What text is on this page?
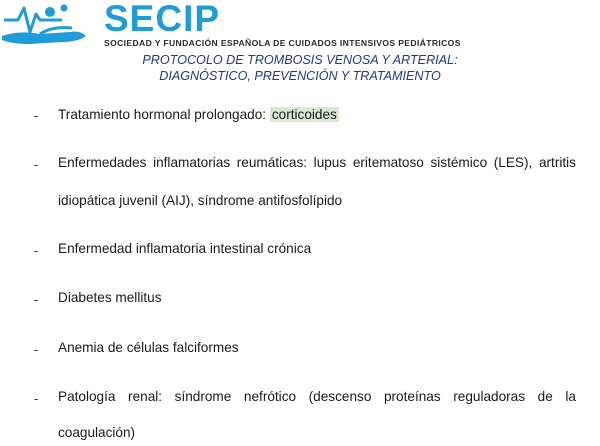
SECIP
SOCIEDAD Y FUNDACIÓN ESPAÑOLA DE CUIDADOS INTENSIVOS PEDIÁTRICOS
PROTOCOLO DE TROMBOSIS VENOSA Y ARTERIAL:
DIAGNÓSTICO, PREVENCIÓN Y TRATAMIENTO
- Tratamiento hormonal prolongado: corticoides
- Enfermedades inflamatorias reumáticas: lupus eritematoso sistémico (LES), artritis
idiopática juvenil (AIJ), síndrome antifosfolípido
- Enfermedad inflamatoria intestinal crónica
- Diabetes mellitus
- Anemia de células falciformes
- Patología renal: síndrome nefrótico (descenso proteínas reguladoras de la
coagulación)
